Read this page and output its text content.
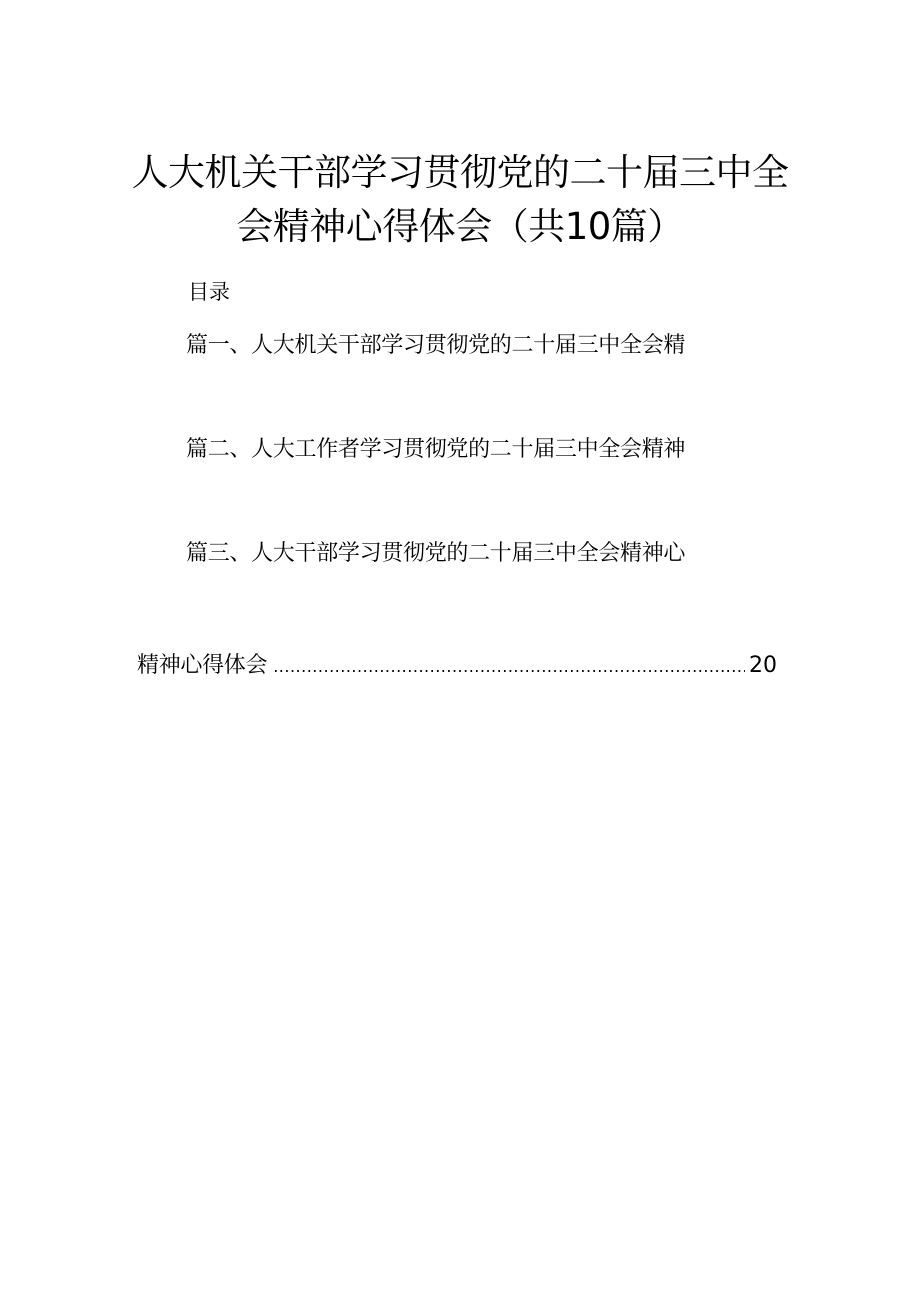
人大机关干部学习贯彻党的二十届三中全
会精神心得体会（共10篇）
目录
篇一、人大机关干部学习贯彻党的二十届三中全会精
篇二、人大工作者学习贯彻党的二十届三中全会精神
篇三、人大干部学习贯彻党的二十届三中全会精神心
精神心得体会
.....	20
